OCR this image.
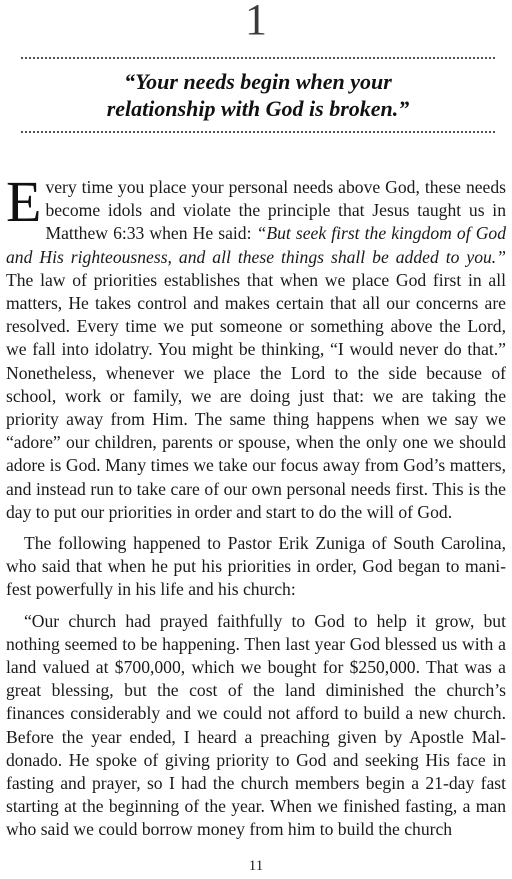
1
“Your needs begin when your
relationship with God is broken.”

Every time you place your personal needs above God, these needs become idols and violate the principle that Jesus taught us in Matthew 6:33 when He said: “But seek first the kingdom of God and His righteousness, and all these things shall be added to you.” The law of priorities establishes that when we place God first in all matters, He takes control and makes certain that all our concerns are resolved. Every time we put someone or something above the Lord, we fall into idolatry. You might be thinking, “I would never do that.” Nonetheless, whenever we place the Lord to the side because of school, work or family, we are doing just that: we are taking the priority away from Him. The same thing happens when we say we “adore” our children, parents or spouse, when the only one we should adore is God. Many times we take our focus away from God’s matters, and instead run to take care of our own personal needs first. This is the day to put our priorities in order and start to do the will of God.

The following happened to Pastor Erik Zuniga of South Carolina, who said that when he put his priorities in order, God began to manifest powerfully in his life and his church:

“Our church had prayed faithfully to God to help it grow, but nothing seemed to be happening. Then last year God blessed us with a land valued at $700,000, which we bought for $250,000. That was a great blessing, but the cost of the land diminished the church’s finances considerably and we could not afford to build a new church. Before the year ended, I heard a preaching given by Apostle Maldonado. He spoke of giving priority to God and seeking His face in fasting and prayer, so I had the church members begin a 21-day fast starting at the beginning of the year. When we finished fasting, a man who said we could borrow money from him to build the church

11
